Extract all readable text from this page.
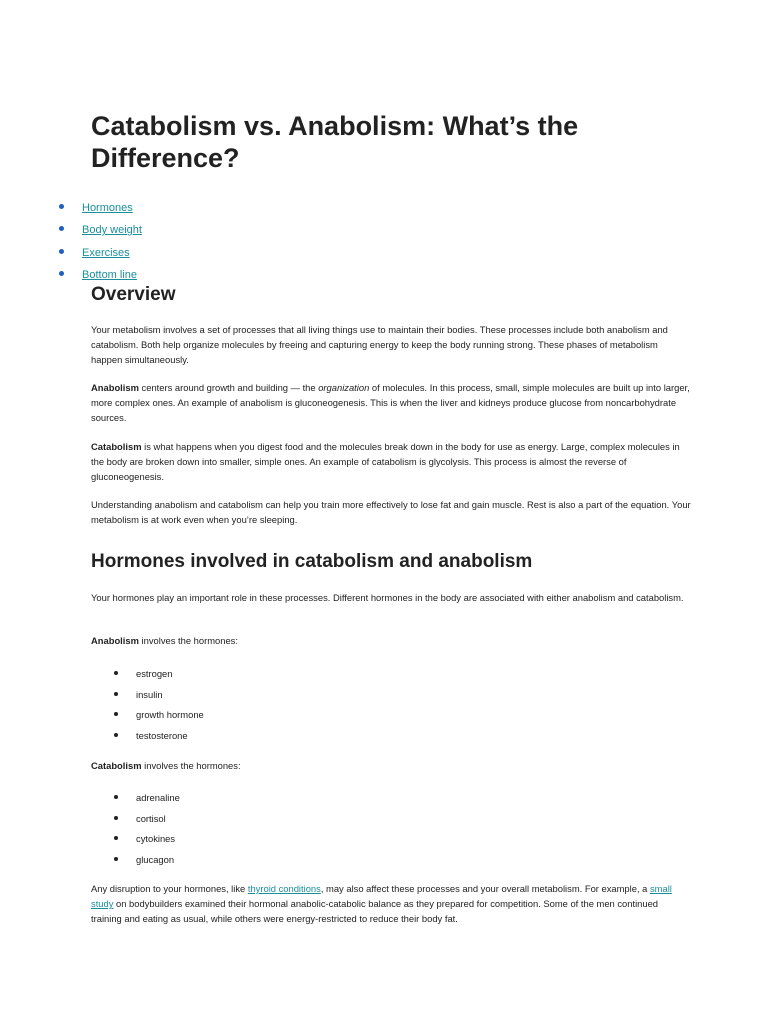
Catabolism vs. Anabolism: What’s the Difference?
Hormones
Body weight
Exercises
Bottom line
Overview

Your metabolism involves a set of processes that all living things use to maintain their bodies. These processes include both anabolism and catabolism. Both help organize molecules by freeing and capturing energy to keep the body running strong. These phases of metabolism happen simultaneously.

Anabolism centers around growth and building — the organization of molecules. In this process, small, simple molecules are built up into larger, more complex ones. An example of anabolism is gluconeogenesis. This is when the liver and kidneys produce glucose from noncarbohydrate sources.

Catabolism is what happens when you digest food and the molecules break down in the body for use as energy. Large, complex molecules in the body are broken down into smaller, simple ones. An example of catabolism is glycolysis. This process is almost the reverse of gluconeogenesis.

Understanding anabolism and catabolism can help you train more effectively to lose fat and gain muscle. Rest is also a part of the equation. Your metabolism is at work even when you’re sleeping.

Hormones involved in catabolism and anabolism

Your hormones play an important role in these processes. Different hormones in the body are associated with either anabolism and catabolism.

Anabolism involves the hormones:

estrogen
insulin
growth hormone
testosterone

Catabolism involves the hormones:

adrenaline
cortisol
cytokines
glucagon

Any disruption to your hormones, like thyroid conditions, may also affect these processes and your overall metabolism. For example, a small study on bodybuilders examined their hormonal anabolic-catabolic balance as they prepared for competition. Some of the men continued training and eating as usual, while others were energy-restricted to reduce their body fat.
